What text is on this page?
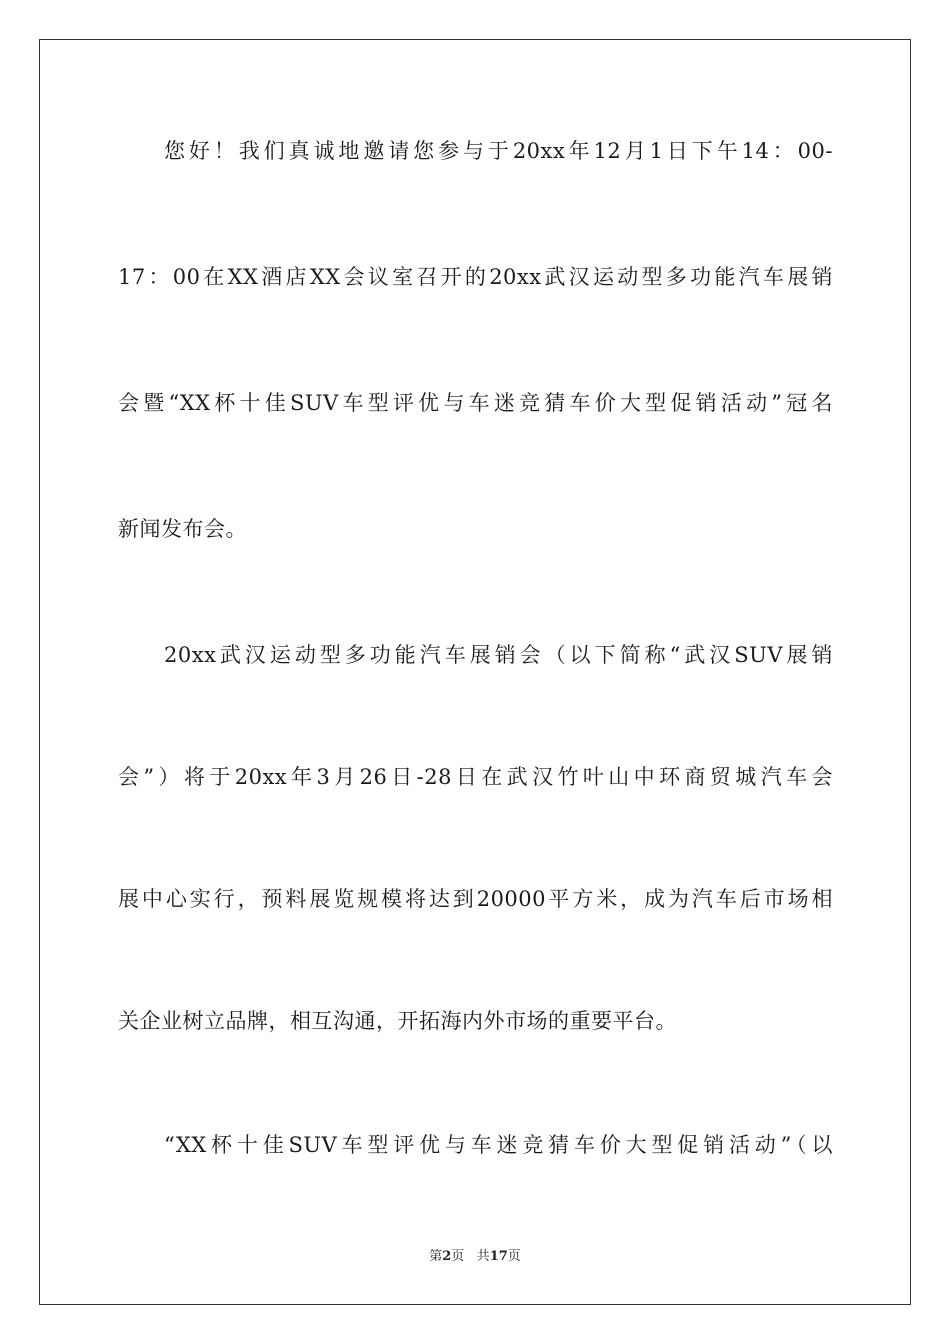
您好！我们真诚地邀请您参与于20xx年12月1日下午14：00-
17：00在XX酒店XX会议室召开的20xx武汉运动型多功能汽车展销
会暨“XX杯十佳SUV车型评优与车迷竞猜车价大型促销活动”冠名
新闻发布会。
20xx武汉运动型多功能汽车展销会（以下简称“武汉SUV展销
会”）将于20xx年3月26日-28日在武汉竹叶山中环商贸城汽车会
展中心实行，预料展览规模将达到20000平方米，成为汽车后市场相
关企业树立品牌，相互沟通，开拓海内外市场的重要平台。
“XX杯十佳SUV车型评优与车迷竞猜车价大型促销活动”（以
第2页 共17页
